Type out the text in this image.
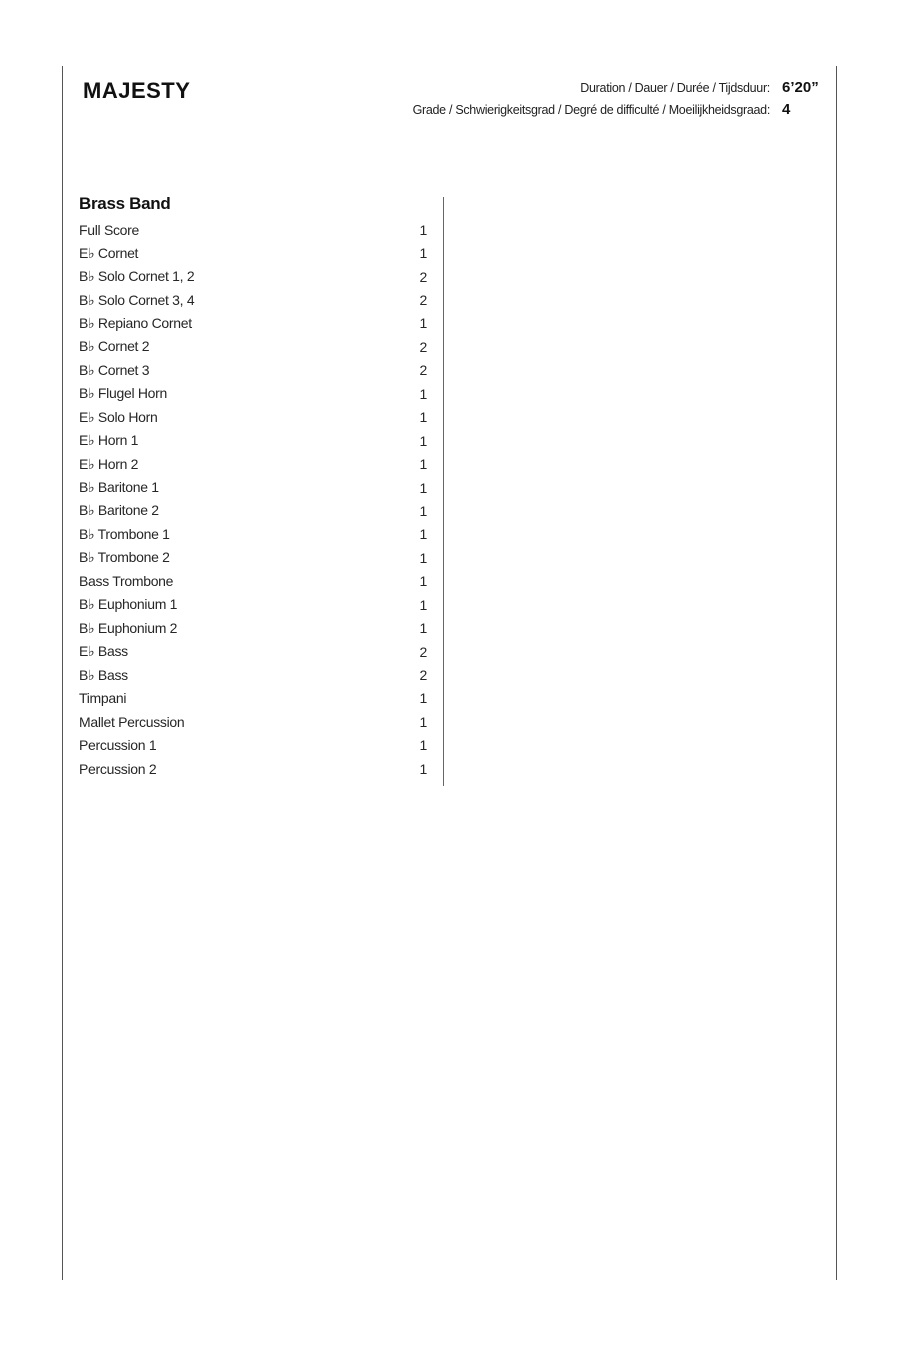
MAJESTY	Duration / Dauer / Durée / Tijdsduur: 6’20”
Grade / Schwierigkeitsgrad / Degré de difficulté / Moeilijkheidsgraad: 4
Brass Band
Full Score	1
E♭ Cornet	1
B♭ Solo Cornet 1, 2	2
B♭ Solo Cornet 3, 4	2
B♭ Repiano Cornet	1
B♭ Cornet 2	2
B♭ Cornet 3	2
B♭ Flugel Horn	1
E♭ Solo Horn	1
E♭ Horn 1	1
E♭ Horn 2	1
B♭ Baritone 1	1
B♭ Baritone 2	1
B♭ Trombone 1	1
B♭ Trombone 2	1
Bass Trombone	1
B♭ Euphonium 1	1
B♭ Euphonium 2	1
E♭ Bass	2
B♭ Bass	2
Timpani	1
Mallet Percussion	1
Percussion 1	1
Percussion 2	1
